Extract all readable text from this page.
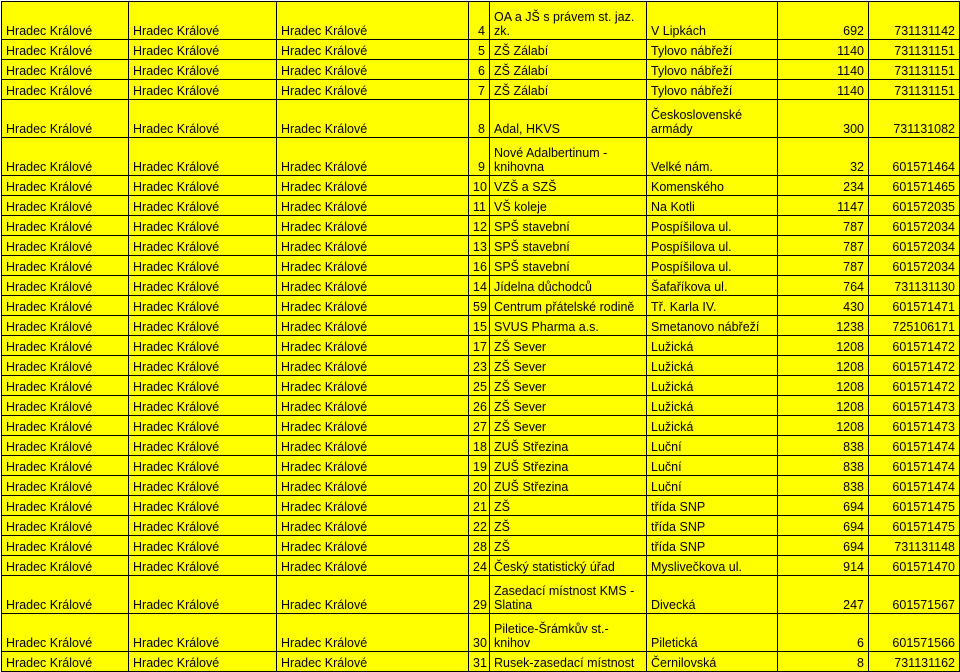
Hradec Králové	Hradec Králové	Hradec Králové	4	OA a JŠ s právem st. jaz. zk.	V Lipkách	692	731131142
Hradec Králové	Hradec Králové	Hradec Králové	5	ZŠ Zálabí	Tylovo nábřeží	1140	731131151
Hradec Králové	Hradec Králové	Hradec Králové	6	ZŠ Zálabí	Tylovo nábřeží	1140	731131151
Hradec Králové	Hradec Králové	Hradec Králové	7	ZŠ Zálabí	Tylovo nábřeží	1140	731131151
Hradec Králové	Hradec Králové	Hradec Králové	8	Adal, HKVS	Československé armády	300	731131082
Hradec Králové	Hradec Králové	Hradec Králové	9	Nové Adalbertinum - knihovna	Velké nám.	32	601571464
Hradec Králové	Hradec Králové	Hradec Králové	10	VZŠ a SZŠ	Komenského	234	601571465
Hradec Králové	Hradec Králové	Hradec Králové	11	VŠ koleje	Na Kotli	1147	601572035
Hradec Králové	Hradec Králové	Hradec Králové	12	SPŠ stavební	Pospíšilova ul.	787	601572034
Hradec Králové	Hradec Králové	Hradec Králové	13	SPŠ stavební	Pospíšilova ul.	787	601572034
Hradec Králové	Hradec Králové	Hradec Králové	16	SPŠ stavební	Pospíšilova ul.	787	601572034
Hradec Králové	Hradec Králové	Hradec Králové	14	Jídelna důchodců	Šafaříkova ul.	764	731131130
Hradec Králové	Hradec Králové	Hradec Králové	59	Centrum přátelské rodině	Tř. Karla IV.	430	601571471
Hradec Králové	Hradec Králové	Hradec Králové	15	SVUS Pharma a.s.	Smetanovo nábřeží	1238	725106171
Hradec Králové	Hradec Králové	Hradec Králové	17	ZŠ Sever	Lužická	1208	601571472
Hradec Králové	Hradec Králové	Hradec Králové	23	ZŠ Sever	Lužická	1208	601571472
Hradec Králové	Hradec Králové	Hradec Králové	25	ZŠ Sever	Lužická	1208	601571472
Hradec Králové	Hradec Králové	Hradec Králové	26	ZŠ Sever	Lužická	1208	601571473
Hradec Králové	Hradec Králové	Hradec Králové	27	ZŠ Sever	Lužická	1208	601571473
Hradec Králové	Hradec Králové	Hradec Králové	18	ZUŠ Střezina	Luční	838	601571474
Hradec Králové	Hradec Králové	Hradec Králové	19	ZUŠ Střezina	Luční	838	601571474
Hradec Králové	Hradec Králové	Hradec Králové	20	ZUŠ Střezina	Luční	838	601571474
Hradec Králové	Hradec Králové	Hradec Králové	21	ZŠ	třída SNP	694	601571475
Hradec Králové	Hradec Králové	Hradec Králové	22	ZŠ	třída SNP	694	601571475
Hradec Králové	Hradec Králové	Hradec Králové	28	ZŠ	třída SNP	694	731131148
Hradec Králové	Hradec Králové	Hradec Králové	24	Český statistický úřad	Myslivečkova ul.	914	601571470
Hradec Králové	Hradec Králové	Hradec Králové	29	Zasedací místnost KMS - Slatina	Divecká	247	601571567
Hradec Králové	Hradec Králové	Hradec Králové	30	Piletice-Šrámkův st.-knihov	Piletická	6	601571566
Hradec Králové	Hradec Králové	Hradec Králové	31	Rusek-zasedací místnost	Černilovská	8	731131162
